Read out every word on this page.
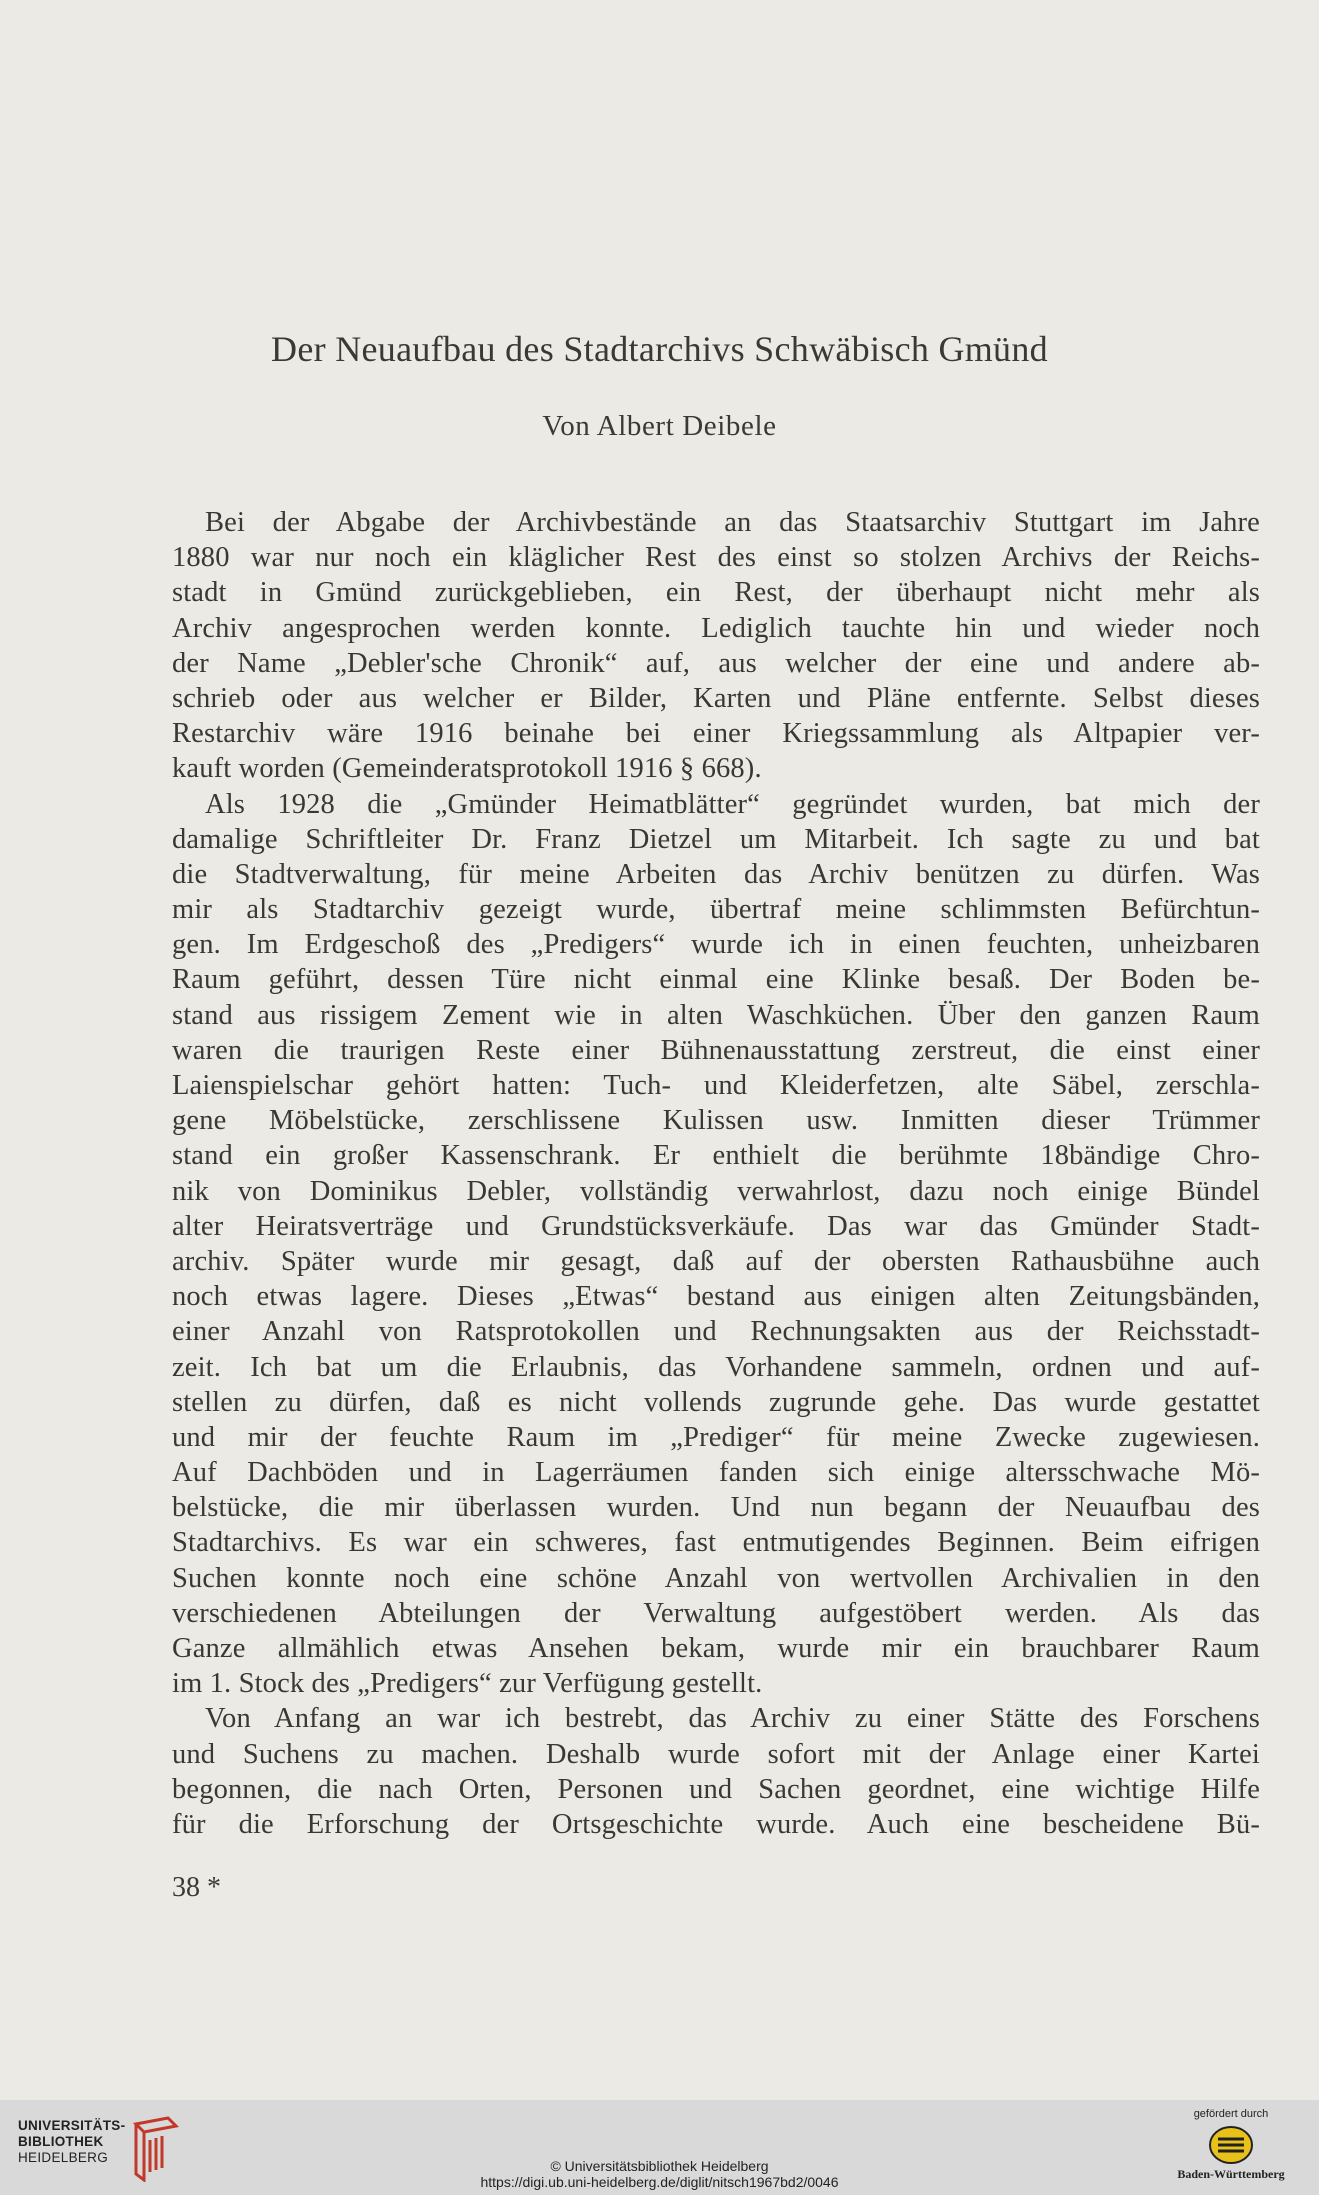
Der Neuaufbau des Stadtarchivs Schwäbisch Gmünd
Von Albert Deibele
Bei der Abgabe der Archivbestände an das Staatsarchiv Stuttgart im Jahre
1880 war nur noch ein kläglicher Rest des einst so stolzen Archivs der Reichs-
stadt in Gmünd zurückgeblieben, ein Rest, der überhaupt nicht mehr als
Archiv angesprochen werden konnte. Lediglich tauchte hin und wieder noch
der Name „Debler'sche Chronik“ auf, aus welcher der eine und andere ab-
schrieb oder aus welcher er Bilder, Karten und Pläne entfernte. Selbst dieses
Restarchiv wäre 1916 beinahe bei einer Kriegssammlung als Altpapier ver-
kauft worden (Gemeinderatsprotokoll 1916 § 668).
Als 1928 die „Gmünder Heimatblätter“ gegründet wurden, bat mich der
damalige Schriftleiter Dr. Franz Dietzel um Mitarbeit. Ich sagte zu und bat
die Stadtverwaltung, für meine Arbeiten das Archiv benützen zu dürfen. Was
mir als Stadtarchiv gezeigt wurde, übertraf meine schlimmsten Befürchtun-
gen. Im Erdgeschoß des „Predigers“ wurde ich in einen feuchten, unheizbaren
Raum geführt, dessen Türe nicht einmal eine Klinke besaß. Der Boden be-
stand aus rissigem Zement wie in alten Waschküchen. Über den ganzen Raum
waren die traurigen Reste einer Bühnenausstattung zerstreut, die einst einer
Laienspielschar gehört hatten: Tuch- und Kleiderfetzen, alte Säbel, zerschla-
gene Möbelstücke, zerschlissene Kulissen usw. Inmitten dieser Trümmer
stand ein großer Kassenschrank. Er enthielt die berühmte 18bändige Chro-
nik von Dominikus Debler, vollständig verwahrlost, dazu noch einige Bündel
alter Heiratsverträge und Grundstücksverkäufe. Das war das Gmünder Stadt-
archiv. Später wurde mir gesagt, daß auf der obersten Rathausbühne auch
noch etwas lagere. Dieses „Etwas“ bestand aus einigen alten Zeitungsbänden,
einer Anzahl von Ratsprotokollen und Rechnungsakten aus der Reichsstadt-
zeit. Ich bat um die Erlaubnis, das Vorhandene sammeln, ordnen und auf-
stellen zu dürfen, daß es nicht vollends zugrunde gehe. Das wurde gestattet
und mir der feuchte Raum im „Prediger“ für meine Zwecke zugewiesen.
Auf Dachböden und in Lagerräumen fanden sich einige altersschwache Mö-
belstücke, die mir überlassen wurden. Und nun begann der Neuaufbau des
Stadtarchivs. Es war ein schweres, fast entmutigendes Beginnen. Beim eifrigen
Suchen konnte noch eine schöne Anzahl von wertvollen Archivalien in den
verschiedenen Abteilungen der Verwaltung aufgestöbert werden. Als das
Ganze allmählich etwas Ansehen bekam, wurde mir ein brauchbarer Raum
im 1. Stock des „Predigers“ zur Verfügung gestellt.
Von Anfang an war ich bestrebt, das Archiv zu einer Stätte des Forschens
und Suchens zu machen. Deshalb wurde sofort mit der Anlage einer Kartei
begonnen, die nach Orten, Personen und Sachen geordnet, eine wichtige Hilfe
für die Erforschung der Ortsgeschichte wurde. Auch eine bescheidene Bü-
38 *
UNIVERSITÄTS-
BIBLIOTHEK
HEIDELBERG
© Universitätsbibliothek Heidelberg
https://digi.ub.uni-heidelberg.de/diglit/nitsch1967bd2/0046
gefördert durch
Baden-Württemberg
